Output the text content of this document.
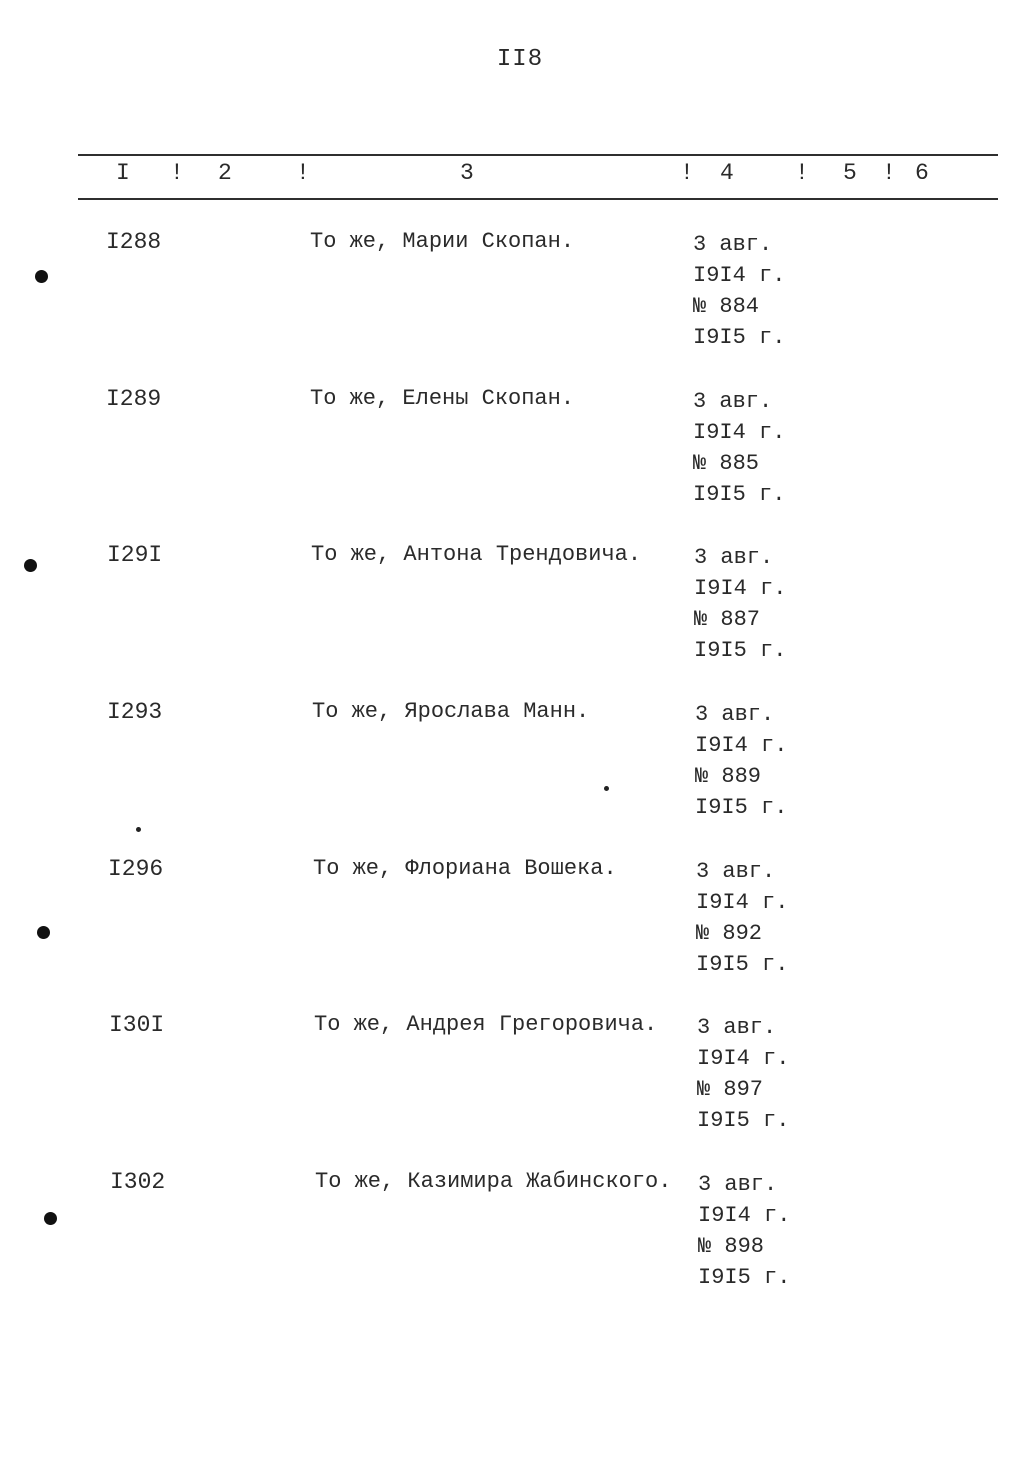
II8
I ! 2	!	3	! 4	! 5 ! 6
I288	То же, Марии Скопан.	3 авг.
I9I4 г.
№ 884
I9I5 г.
I289	То же, Елены Скопан.	3 авг.
I9I4 г.
№ 885
I9I5 г.
I29I	То же, Антона Трендовича. 3 авг.
I9I4 г.
№ 887
I9I5 г.
I293	То же, Ярослава Манн.	3 авг.
I9I4 г.
№ 889
I9I5 г.
I296	То же, Флориана Вошека.	3 авг.
I9I4 г.
№ 892
I9I5 г.
I30I	То же, Андрея Грегоровича. 3 авг.
I9I4 г.
№ 897
I9I5 г.
I302	То же, Казимира Жабинского. 3 авг.
I9I4 г.
№ 898
I9I5 г.
